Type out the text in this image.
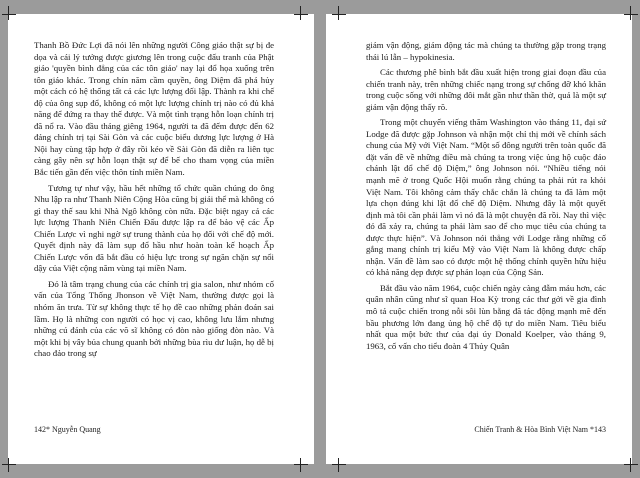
Thanh Bồ Đức Lợi đã nói lên những người Công giáo thật sự bị đe dọa và cái lý tưởng được giương lên trong cuộc đấu tranh của Phật giáo 'quyền bình đẳng của các tôn giáo' nay lại đổ họa xuống trên tôn giáo khác. Trong chín năm cầm quyền, ông Diệm đã phá hủy một cách có hệ thống tất cả các lực lượng đối lập. Thành ra khi chế độ của ông sụp đổ, không có một lực lượng chính trị nào có đủ khả năng để đứng ra thay thế được. Và một tình trạng hỗn loạn chính trị đã nổ ra. Vào đầu tháng giêng 1964, người ta đã đếm được đến 62 đảng chính trị tại Sài Gòn và các cuộc biểu dương lực lượng ở Hà Nội hay cùng tập hợp ở đây rồi kéo về Sài Gòn đã diễn ra liên tục càng gây nên sự hỗn loạn thật sự để bế cho tham vọng của miền Bắc tiến gần đến việc thôn tính miền Nam.

Tương tự như vậy, hầu hết những tổ chức quần chúng do ông Nhu lập ra như Thanh Niên Cộng Hòa cũng bị giải thể mà không có gì thay thế sau khi Nhà Ngô không còn nữa. Đặc biệt ngay cả các lực lượng Thanh Niên Chiến Đấu được lập ra để bảo vệ các Ấp Chiến Lược vì nghi ngờ sự trung thành của họ đối với chế độ mới. Quyết định này đã làm sụp đổ hầu như hoàn toàn kế hoạch Ấp Chiến Lược vốn đã bắt đầu có hiệu lực trong sự ngăn chặn sự nổi dậy của Việt cộng năm vùng tại miền Nam.

Đó là tâm trạng chung của các chính trị gia salon, như nhóm cố vấn của Tổng Thống Jhonson về Việt Nam, thường được gọi là nhóm ăn trưa. Từ sự không thực tế họ đề cao những phản đoán sai lầm. Họ là những con người có học vị cao, không lưu lắm nhưng những cú đánh của các võ sĩ không có đòn nào giống đòn nào. Và một khi bị vây bủa chung quanh bởi những bùa rìu dư luận, họ dễ bị chao đảo trong sự

142* Nguyễn Quang

giám vận động, giám động tác mà chúng ta thường gặp trong trạng thái lú lẫn – hypokinesia.

Các thương phê bình bắt đầu xuất hiện trong giai đoạn đầu của chiến tranh này, trên những chiếc nạng trong sự chống đỡ khó khăn trong cuộc sống với những đôi mắt gần như thần thờ, quả là một sự giảm vận động thấy rõ.

Trong một chuyến viếng thăm Washington vào tháng 11, đại sứ Lodge đã được gặp Johnson và nhận một chỉ thị mới về chính sách chung của Mỹ với Việt Nam. “Một số đông người trên toàn quốc đã đặt vấn đề về những điều mà chúng ta trong việc ủng hộ cuộc đảo chánh lật đổ chế độ Diệm,” ông Johnson nói. “Nhiều tiếng nói mạnh mẽ ở trong Quốc Hội muốn rằng chúng ta phải rút ra khỏi Việt Nam. Tôi không cảm thấy chắc chắn là chúng ta đã làm một lựa chọn đúng khi lật đổ chế độ Diệm. Nhưng đây là một quyết định mà tôi cần phải làm vì nó đã là một chuyện đã rồi. Nay thì việc đó đã xảy ra, chúng ta phải làm sao để cho mục tiêu của chúng ta được thực hiện”. Và Johnson nói thẳng với Lodge rằng những cố gắng mang chính trị kiểu Mỹ vào Việt Nam là không được chấp nhận. Vấn đề làm sao có được một hệ thống chính quyền hữu hiệu có khả năng dẹp được sự phản loạn của Cộng Sản.

Bắt đầu vào năm 1964, cuộc chiến ngày càng đẫm máu hơn, các quân nhân cũng như sĩ quan Hoa Kỳ trong các thư gởi về gia đình mô tả cuộc chiến trong nỗi sôi lùn bằng đã tác động mạnh mẽ đến bầu phương lớn đang ủng hộ chế độ tự do miền Nam. Tiêu biểu nhất qua một bức thư của đại úy Donald Koelper, vào tháng 9, 1963, cố vấn cho tiểu đoàn 4 Thủy Quân

Chiến Tranh & Hòa Bình Việt Nam *143
